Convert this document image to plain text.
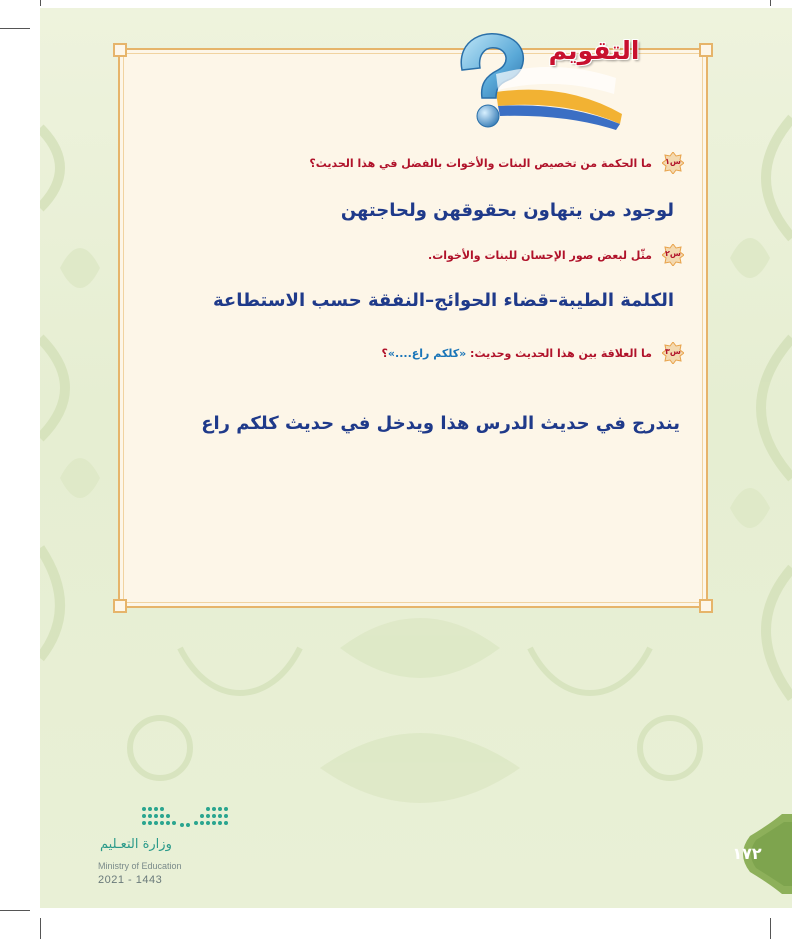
التقويم
س١
ما الحكمة من تخصيص البنات والأخوات بالفضل في هذا الحديث؟
لوجود من يتهاون بحقوقهن ولحاجتهن
س٢
مثّل لبعض صور الإحسان للبنات والأخوات.
الكلمة الطيبة–قضاء الحوائج–النفقة حسب الاستطاعة
س٣
ما العلاقة بين هذا الحديث وحديث: «كلكم راع....»؟
يندرج في حديث الدرس هذا ويدخل في حديث كلكم راع
وزارة التعـليم
Ministry of Education
2021 - 1443
١٧٢
